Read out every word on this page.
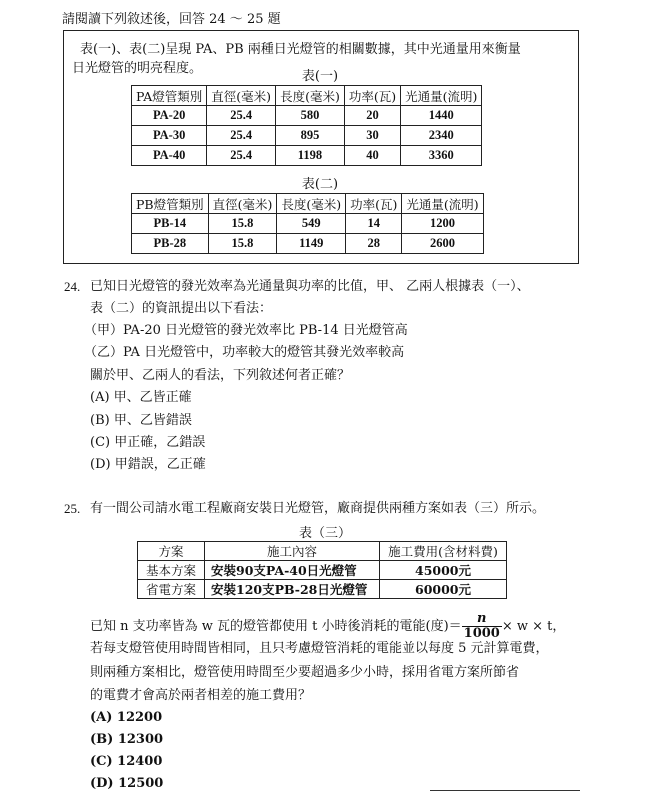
請閱讀下列敘述後，回答 24 ～ 25 題
表(一)、表(二)呈現 PA、PB 兩種日光燈管的相關數據，其中光通量用來衡量
日光燈管的明亮程度。
表(一)
PA燈管類別	直徑(毫米)	長度(毫米)	功率(瓦)	光通量(流明)
PA-20	25.4	580	20	1440
PA-30	25.4	895	30	2340
PA-40	25.4	1198	40	3360
表(二)
PB燈管類別	直徑(毫米)	長度(毫米)	功率(瓦)	光通量(流明)
PB-14	15.8	549	14	1200
PB-28	15.8	1149	28	2600
24. 已知日光燈管的發光效率為光通量與功率的比值，甲、 乙兩人根據表（一）、
表（二）的資訊提出以下看法：
（甲）PA-20 日光燈管的發光效率比 PB-14 日光燈管高
（乙）PA 日光燈管中，功率較大的燈管其發光效率較高
關於甲、乙兩人的看法，下列敘述何者正確？
(A) 甲、乙皆正確
(B) 甲、乙皆錯誤
(C) 甲正確，乙錯誤
(D) 甲錯誤，乙正確
25. 有一間公司請水電工程廠商安裝日光燈管，廠商提供兩種方案如表（三）所示。
表（三）
方案	施工內容	施工費用(含材料費)
基本方案	安裝90支PA-40日光燈管	45000元
省電方案	安裝120支PB-28日光燈管	60000元
已知 n 支功率皆為 w 瓦的燈管都使用 t 小時後消耗的電能(度)＝ $\frac{n}{1000} \times w \times t$，
若每支燈管使用時間皆相同，且只考慮燈管消耗的電能並以每度 5 元計算電費，
則兩種方案相比，燈管使用時間至少要超過多少小時，採用省電方案所節省
的電費才會高於兩者相差的施工費用？
(A) 12200
(B) 12300
(C) 12400
(D) 12500
